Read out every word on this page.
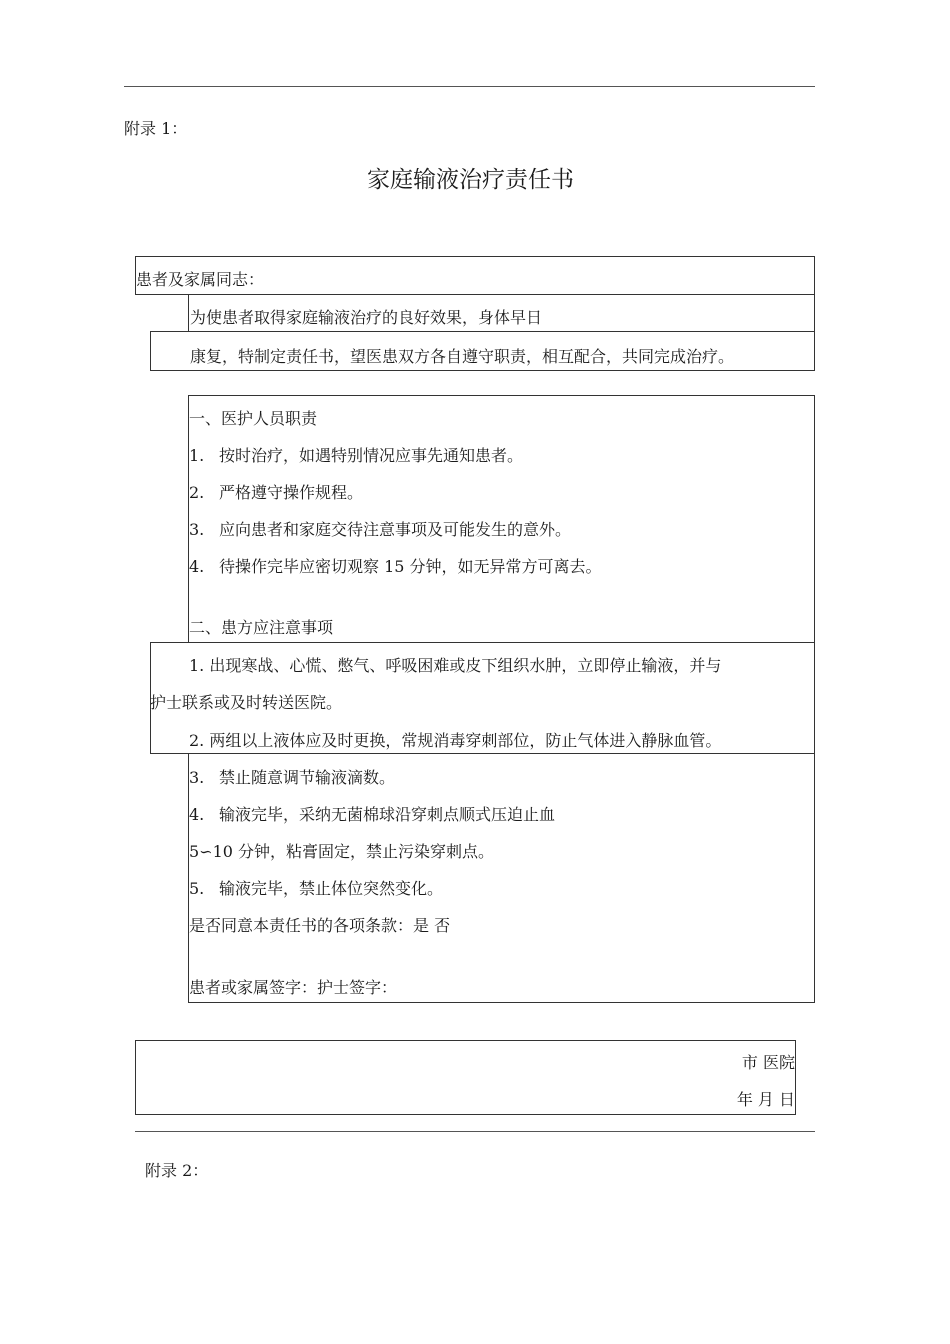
附录 1：
家庭输液治疗责任书
患者及家属同志：
为使患者取得家庭输液治疗的良好效果，身体早日
康复，特制定责任书，望医患双方各自遵守职责，相互配合，共同完成治疗。
一、医护人员职责
1. 按时治疗，如遇特别情况应事先通知患者。
2. 严格遵守操作规程。
3. 应向患者和家庭交待注意事项及可能发生的意外。
4. 待操作完毕应密切观察 15 分钟，如无异常方可离去。
二、患方应注意事项
1. 出现寒战、心慌、憋气、呼吸困难或皮下组织水肿，立即停止输液，并与
护士联系或及时转送医院。
2. 两组以上液体应及时更换，常规消毒穿刺部位，防止气体进入静脉血管。
3. 禁止随意调节输液滴数。
4. 输液完毕，采纳无菌棉球沿穿刺点顺式压迫止血
5∽10 分钟，粘膏固定，禁止污染穿刺点。
5. 输液完毕，禁止体位突然变化。
是否同意本责任书的各项条款：是 否
患者或家属签字：护士签字：
市 医院
年 月 日
附录 2：
